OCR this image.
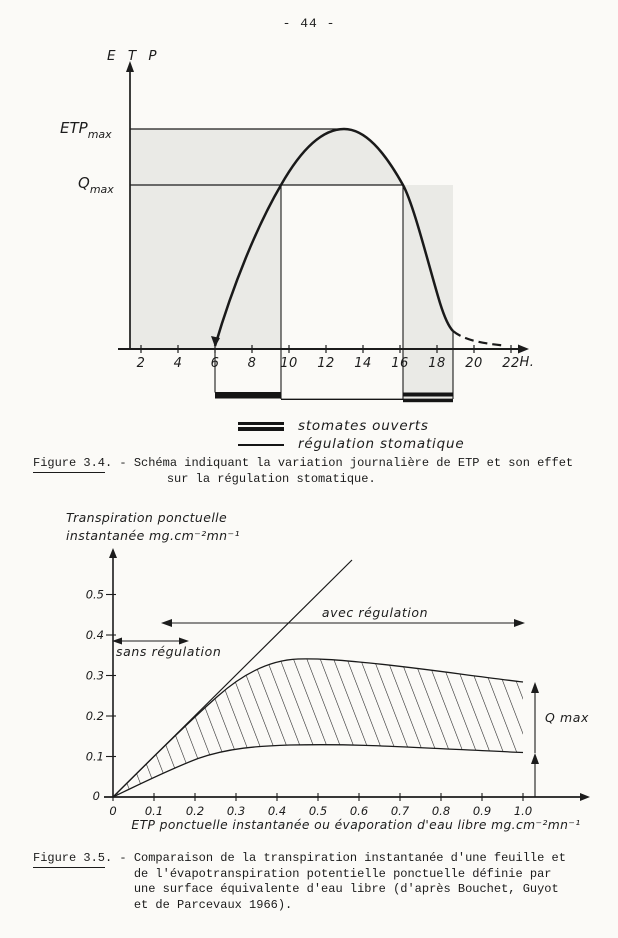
- 44 -
E T P
$ETP_{max}$
$Q_{max}$
2 4 6 8 10 12 14 16 18 20 22 H.
stomates ouverts
régulation stomatique
Figure 3.4 . - Schéma indiquant la variation journalière de ETP et son effet
sur la régulation stomatique.
Transpiration ponctuelle
instantanée mg.cm⁻²mn⁻¹
0.5
0.4
0.3
0.2
0.1
0
0 0.1 0.2 0.3 0.4 0.5 0.6 0.7 0.8 0.9 1.0
sans régulation
avec régulation
Q max
ETP ponctuelle instantanée ou évaporation d'eau libre mg.cm⁻²mn⁻¹
Figure 3.5 . - Comparaison de la transpiration instantanée d'une feuille et
de l'évapotranspiration potentielle ponctuelle définie par
une surface équivalente d'eau libre (d'après Bouchet, Guyot
et de Parcevaux 1966).
